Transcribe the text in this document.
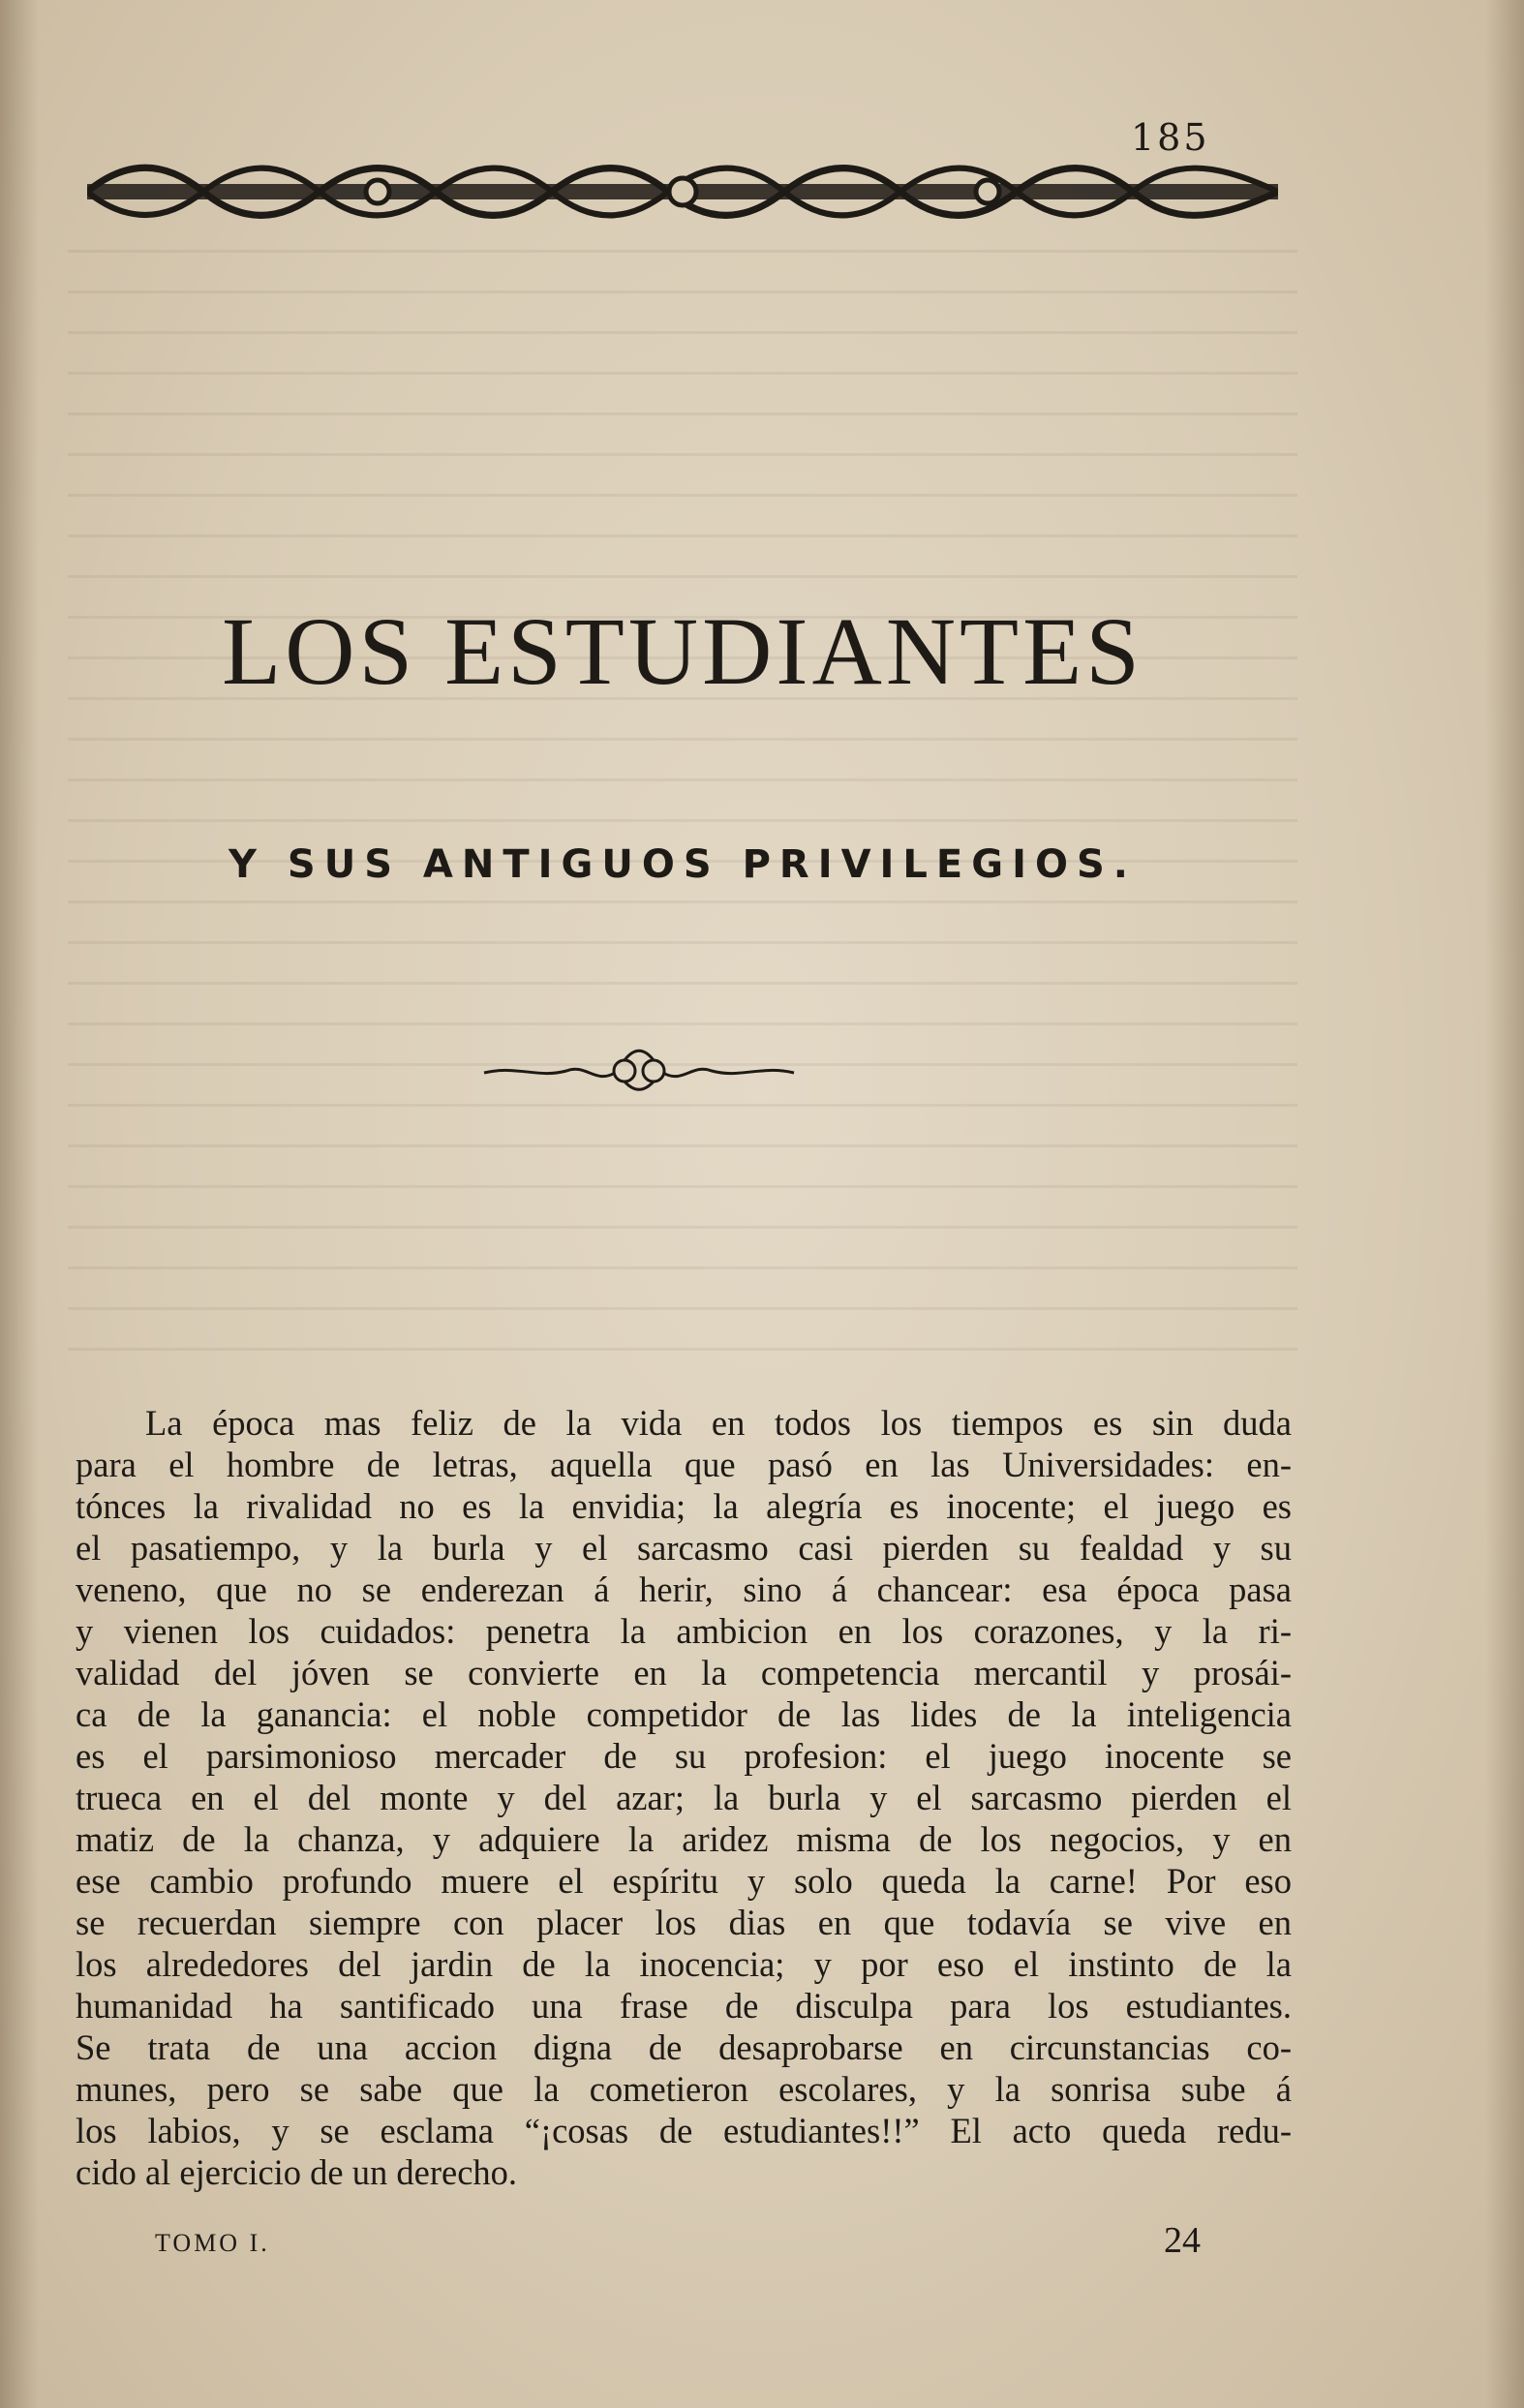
185
LOS ESTUDIANTES
Y SUS ANTIGUOS PRIVILEGIOS.
La época mas feliz de la vida en todos los tiempos es sin duda
para el hombre de letras, aquella que pasó en las Universidades: en-
tónces la rivalidad no es la envidia; la alegría es inocente; el juego es
el pasatiempo, y la burla y el sarcasmo casi pierden su fealdad y su
veneno, que no se enderezan á herir, sino á chancear: esa época pasa
y vienen los cuidados: penetra la ambicion en los corazones, y la ri-
validad del jóven se convierte en la competencia mercantil y prosái-
ca de la ganancia: el noble competidor de las lides de la inteligencia
es el parsimonioso mercader de su profesion: el juego inocente se
trueca en el del monte y del azar; la burla y el sarcasmo pierden el
matiz de la chanza, y adquiere la aridez misma de los negocios, y en
ese cambio profundo muere el espíritu y solo queda la carne! Por eso
se recuerdan siempre con placer los dias en que todavía se vive en
los alrededores del jardin de la inocencia; y por eso el instinto de la
humanidad ha santificado una frase de disculpa para los estudiantes.
Se trata de una accion digna de desaprobarse en circunstancias co-
munes, pero se sabe que la cometieron escolares, y la sonrisa sube á
los labios, y se esclama “¡cosas de estudiantes!!” El acto queda redu-
cido al ejercicio de un derecho.
TOMO I.	24
